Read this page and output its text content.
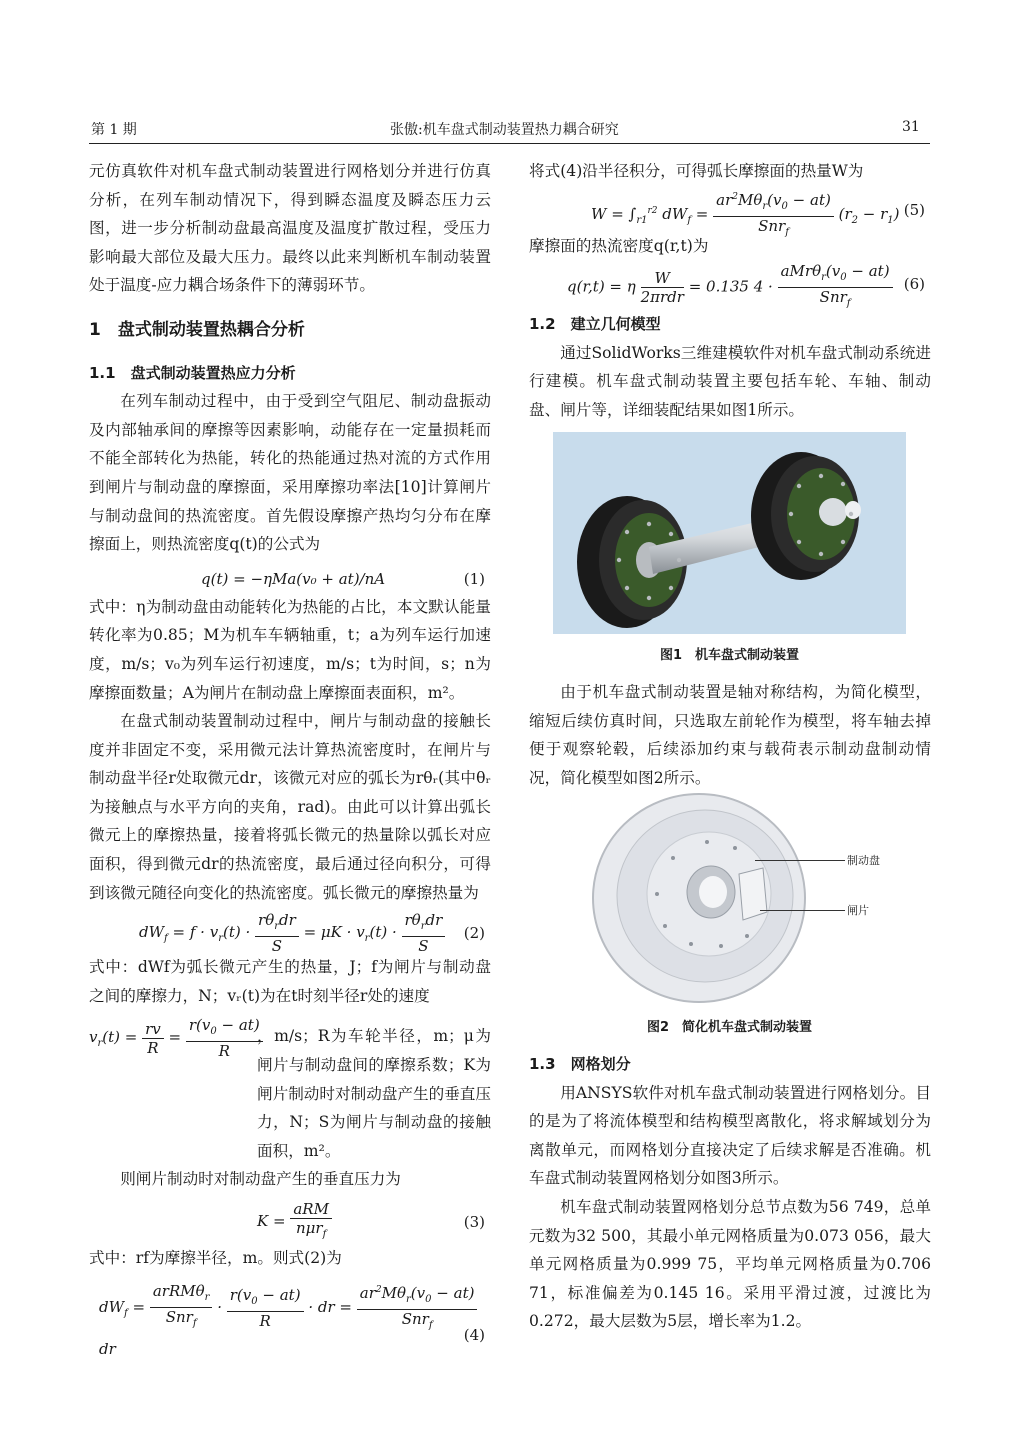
第 1 期	张傲:机车盘式制动装置热力耦合研究	31

元仿真软件对机车盘式制动装置进行网格划分并进行仿真分析，在列车制动情况下，得到瞬态温度及瞬态压力云图，进一步分析制动盘最高温度及温度扩散过程，受压力影响最大部位及最大压力。最终以此来判断机车制动装置处于温度-应力耦合场条件下的薄弱环节。

1　盘式制动装置热耦合分析

1.1　盘式制动装置热应力分析

在列车制动过程中，由于受到空气阻尼、制动盘振动及内部轴承间的摩擦等因素影响，动能存在一定量损耗而不能全部转化为热能，转化的热能通过热对流的方式作用到闸片与制动盘的摩擦面，采用摩擦功率法[10]计算闸片与制动盘间的热流密度。首先假设摩擦产热均匀分布在摩擦面上，则热流密度q(t)的公式为

q(t) = −ηMa(v₀ + at)/nA	(1)

式中：η为制动盘由动能转化为热能的占比，本文默认能量转化率为0.85；M为机车车辆轴重，t；a为列车运行加速度，m/s；v₀为列车运行初速度，m/s；t为时间，s；n为摩擦面数量；A为闸片在制动盘上摩擦面表面积，m²。

在盘式制动装置制动过程中，闸片与制动盘的接触长度并非固定不变，采用微元法计算热流密度时，在闸片与制动盘半径r处取微元dr，该微元对应的弧长为rθᵣ(其中θᵣ为接触点与水平方向的夹角，rad)。由此可以计算出弧长微元上的摩擦热量，接着将弧长微元的热量除以弧长对应面积，得到微元dr的热流密度，最后通过径向积分，可得到该微元随径向变化的热流密度。弧长微元的摩擦热量为

$dW_f = f \cdot v_r(t) \cdot \frac{r\theta_rdr}{S} = \mu K \cdot v_r(t) \cdot \frac{r\theta_rdr}{S} (2)$

式中：dWf为弧长微元产生的热量，J；f为闸片与制动盘之间的摩擦力，N；vᵣ(t)为在t时刻半径r处的速度

$v_r(t) = \frac{rv}{R} = \frac{r(v_0 - at)}{R}$

，m/s；R为车轮半径，m；μ为闸片与制动盘间的摩擦系数；K为闸片制动时对制动盘产生的垂直压力，N；S为闸片与制动盘的接触面积，m²。

则闸片制动时对制动盘产生的垂直压力为

$K = \frac{\text{aRM}}{n\mu r_f}$	(3)

式中：rf为摩擦半径，m。则式(2)为

$dW_f = \frac{arRM\theta_r}{Snr_f} \cdot \frac{r(v_0 - at)}{R}$ · dr = $\frac{ar^2M\theta_r(v_0 - at)}{Snr_f}$
dr
(4)

将式(4)沿半径积分，可得弧长摩擦面的热量W为

$W = \int_{r1}^{r2}$ $dW_f = \frac{ar^2M\theta_r(v_0 - at)}{Snr_f} (r_2 - r_1)$ (5)

摩擦面的热流密度q(r,t)为

q(r,t) = η $\frac{W}{\text{2πrdr}} = 0.135$ $4 \cdot \frac{aMr\theta_r(v_0 - at)}{Snr_f} (6)$

1.2　建立几何模型

通过SolidWorks三维建模软件对机车盘式制动系统进行建模。机车盘式制动装置主要包括车轮、车轴、制动盘、闸片等，详细装配结果如图1所示。

图1　机车盘式制动装置

由于机车盘式制动装置是轴对称结构，为简化模型，缩短后续仿真时间，只选取左前轮作为模型，将车轴去掉便于观察轮毂，后续添加约束与载荷表示制动盘制动情况，简化模型如图2所示。

制动盘
闸片
图2　简化机车盘式制动装置

1.3　网格划分

用ANSYS软件对机车盘式制动装置进行网格划分。目的是为了将流体模型和结构模型离散化，将求解域划分为离散单元，而网格划分直接决定了后续求解是否准确。机车盘式制动装置网格划分如图3所示。

机车盘式制动装置网格划分总节点数为56 749，总单元数为32 500，其最小单元网格质量为0.073 056，最大单元网格质量为0.999 75，平均单元网格质量为0.706 71，标准偏差为0.145 16。采用平滑过渡，过渡比为0.272，最大层数为5层，增长率为1.2。
